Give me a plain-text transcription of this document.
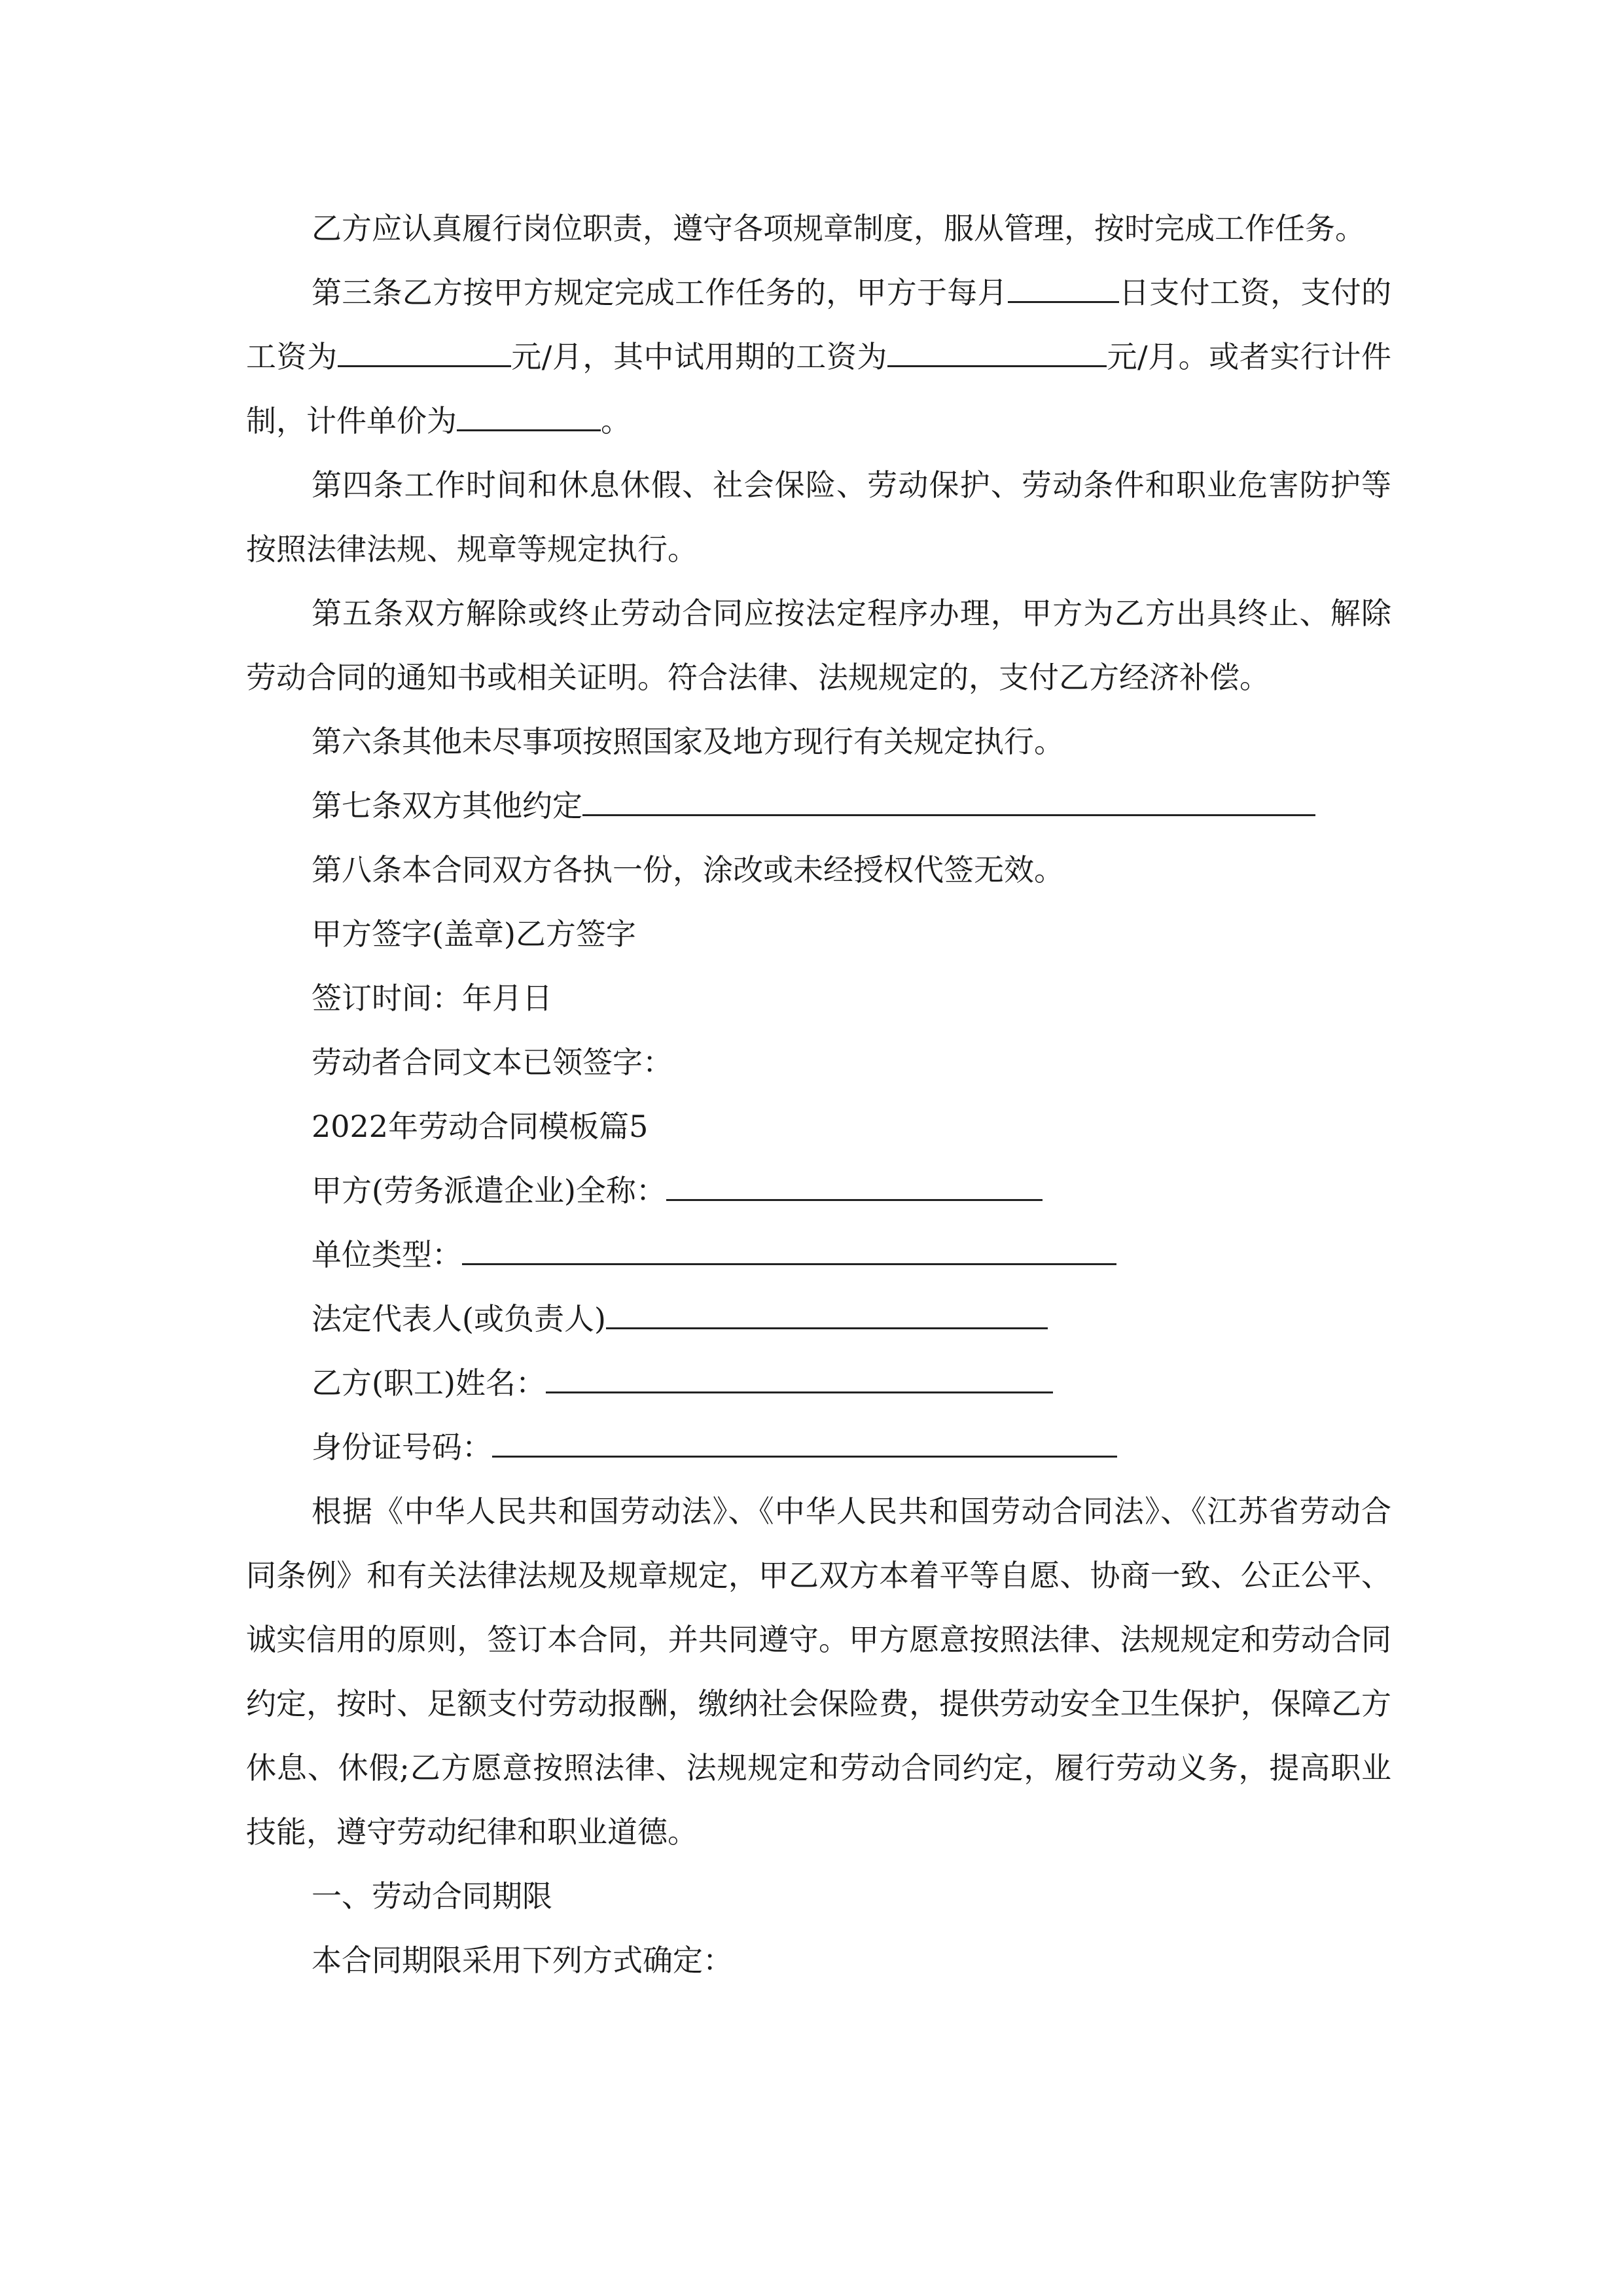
乙方应认真履行岗位职责，遵守各项规章制度，服从管理，按时完成工作任务。

第三条乙方按甲方规定完成工作任务的，甲方于每月	日支付工资，支付的工资为	元/月，其中试用期的工资为	元/月。或者实行计件制，计件单价为	。

第四条工作时间和休息休假、社会保险、劳动保护、劳动条件和职业危害防护等按照法律法规、规章等规定执行。

第五条双方解除或终止劳动合同应按法定程序办理，甲方为乙方出具终止、解除劳动合同的通知书或相关证明。符合法律、法规规定的，支付乙方经济补偿。

第六条其他未尽事项按照国家及地方现行有关规定执行。

第七条双方其他约定

第八条本合同双方各执一份，涂改或未经授权代签无效。

甲方签字(盖章)乙方签字

签订时间：年月日

劳动者合同文本已领签字：

2022年劳动合同模板篇5

甲方(劳务派遣企业)全称：

单位类型：

法定代表人(或负责人)

乙方(职工)姓名：

身份证号码：

根据《中华人民共和国劳动法》、《中华人民共和国劳动合同法》、《江苏省劳动合同条例》和有关法律法规及规章规定，甲乙双方本着平等自愿、协商一致、公正公平、诚实信用的原则，签订本合同，并共同遵守。甲方愿意按照法律、法规规定和劳动合同约定，按时、足额支付劳动报酬，缴纳社会保险费，提供劳动安全卫生保护，保障乙方休息、休假;乙方愿意按照法律、法规规定和劳动合同约定，履行劳动义务，提高职业技能，遵守劳动纪律和职业道德。

一、劳动合同期限

本合同期限采用下列方式确定：
